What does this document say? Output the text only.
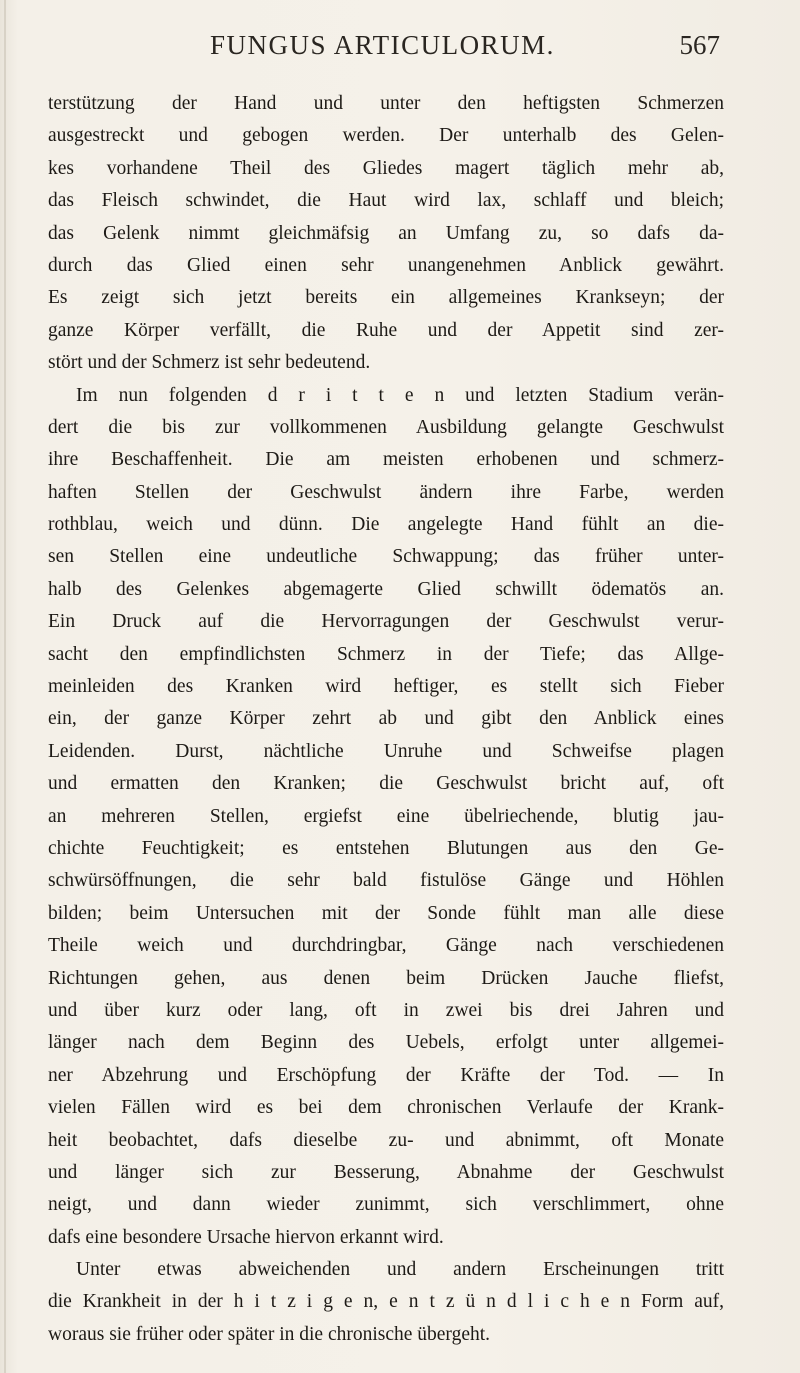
FUNGUS ARTICULORUM.	567
terstützung der Hand und unter den heftigsten Schmerzen
ausgestreckt und gebogen werden. Der unterhalb des Gelen-
kes vorhandene Theil des Gliedes magert täglich mehr ab,
das Fleisch schwindet, die Haut wird lax, schlaff und bleich;
das Gelenk nimmt gleichmäfsig an Umfang zu, so dafs da-
durch das Glied einen sehr unangenehmen Anblick gewährt.
Es zeigt sich jetzt bereits ein allgemeines Krankseyn; der
ganze Körper verfällt, die Ruhe und der Appetit sind zer-
stört und der Schmerz ist sehr bedeutend.
Im nun folgenden d r i t t e n und letzten Stadium verän-
dert die bis zur vollkommenen Ausbildung gelangte Geschwulst
ihre Beschaffenheit. Die am meisten erhobenen und schmerz-
haften Stellen der Geschwulst ändern ihre Farbe, werden
rothblau, weich und dünn. Die angelegte Hand fühlt an die-
sen Stellen eine undeutliche Schwappung; das früher unter-
halb des Gelenkes abgemagerte Glied schwillt ödematös an.
Ein Druck auf die Hervorragungen der Geschwulst verur-
sacht den empfindlichsten Schmerz in der Tiefe; das Allge-
meinleiden des Kranken wird heftiger, es stellt sich Fieber
ein, der ganze Körper zehrt ab und gibt den Anblick eines
Leidenden. Durst, nächtliche Unruhe und Schweifse plagen
und ermatten den Kranken; die Geschwulst bricht auf, oft
an mehreren Stellen, ergiefst eine übelriechende, blutig jau-
chichte Feuchtigkeit; es entstehen Blutungen aus den Ge-
schwürsöffnungen, die sehr bald fistulöse Gänge und Höhlen
bilden; beim Untersuchen mit der Sonde fühlt man alle diese
Theile weich und durchdringbar, Gänge nach verschiedenen
Richtungen gehen, aus denen beim Drücken Jauche fliefst,
und über kurz oder lang, oft in zwei bis drei Jahren und
länger nach dem Beginn des Uebels, erfolgt unter allgemei-
ner Abzehrung und Erschöpfung der Kräfte der Tod. — In
vielen Fällen wird es bei dem chronischen Verlaufe der Krank-
heit beobachtet, dafs dieselbe zu- und abnimmt, oft Monate
und länger sich zur Besserung, Abnahme der Geschwulst
neigt, und dann wieder zunimmt, sich verschlimmert, ohne
dafs eine besondere Ursache hiervon erkannt wird.
Unter etwas abweichenden und andern Erscheinungen tritt
die Krankheit in der h i t z i g e n, e n t z ü n d l i c h e n Form auf,
woraus sie früher oder später in die chronische übergeht.
